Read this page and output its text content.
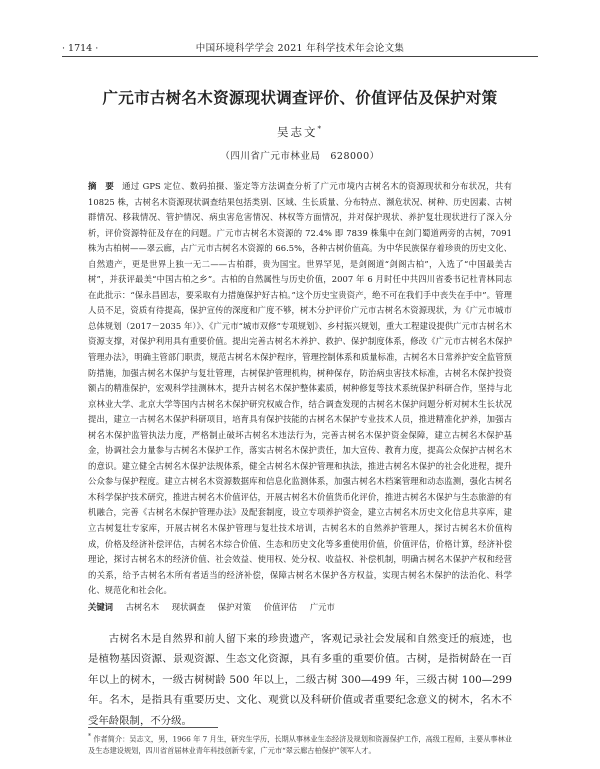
· 1714 ·	中国环境科学学会 2021 年科学技术年会论文集
广元市古树名木资源现状调查评价、价值评估及保护对策
吴志文*
（四川省广元市林业局　628000）
摘　要 通过 GPS 定位、数码拍摄、鉴定等方法调查分析了广元市境内古树名木的资源现状和分布状况，共有 10825 株，古树名木资源现状调查结果包括类别、区域、生长质量、分布特点、濒危状况、树种、历史因素、古树群情况、移栽情况、管护情况、病虫害危害情况、林权等方面情况，并对保护现状、养护复壮现状进行了深入分析，评价资源特征及存在的问题。广元市古树名木资源的 72.4% 即 7839 株集中在剑门蜀道两旁的古树，7091 株为古柏树——翠云廊，占广元市古树名木资源的 66.5%，各种古树价值高。为中华民族保存着珍贵的历史文化、自然遗产，更是世界上独一无二——古柏群，贵为国宝。世界罕见，是剑阁道“剑阁古柏”，入选了“中国最美古树”，并获评最美“中国古柏之乡”。古柏的自然属性与历史价值，2007 年 6 月时任中共四川省委书记杜青林同志在此批示：“保永昌固志，要采取有力措施保护好古柏。”这个历史宝贵资产，绝不可在我们手中丧失在手中”。管理人员不足，资质有待提高，保护宣传的深度和广度不够，树木分护评价广元市古树名木资源现状，为《广元市城市总体规划（2017－2035 年）》、《广元市“城市双修”专项规划》、乡村振兴规划，重大工程建设提供广元市古树名木资源支撑，对保护利用具有重要价值。提出完善古树名木养护、救护、保护制度体系，修改《广元市古树名木保护管理办法》，明确主管部门职责，规范古树名木保护程序，管理控制体系和质量标准，古树名木日常养护安全监管预防措施，加强古树名木保护与复壮管理，古树保护管理机构，树种保存，防治病虫害技术标准，古树名木保护投资额占的精准保护，宏观科学挂测林木，提升古树名木保护整体素质，树种修复等技术系统保护科研合作，坚持与北京林业大学、北京大学等国内古树名木保护研究权威合作，结合调查发现的古树名木保护问题分析对树木生长状况提出，建立一古树名木保护科研项目，培育具有保护技能的古树名木保护专业技术人员，推进精准化护养，加强古树名木保护监管执法力度，严格制止破坏古树名木违法行为，完善古树名木保护资金保障，建立古树名木保护基金，协调社会力量参与古树名木保护工作，落实古树名木保护责任，加大宣传、教育力度，提高公众保护古树名木的意识。建立健全古树名木保护法规体系，健全古树名木保护管理和执法，推进古树名木保护的社会化进程，提升公众参与保护程度。建立古树名木资源数据库和信息化监测体系，加强古树名木档案管理和动态监测，强化古树名木科学保护技术研究，推进古树名木价值评估，开展古树名木价值货币化评价，推进古树名木保护与生态旅游的有机融合，完善《古树名木保护管理办法》及配套制度，设立专项养护资金，建立古树名木历史文化信息共享库，建立古树复壮专家库，开展古树名木保护管理与复壮技术培训，古树名木的自然养护管理人，探讨古树名木价值构成，价格及经济补偿评估，古树名木综合价值、生态和历史文化等多重使用价值，价值评估，价格计算，经济补偿理论，探讨古树名木的经济价值、社会效益、使用权、处分权、收益权、补偿机制，明确古树名木保护产权和经营的关系，给予古树名木所有者适当的经济补偿，保障古树名木保护各方权益，实现古树名木保护的法治化、科学化、规范化和社会化。
关键词 古树名木 现状调查 保护对策 价值评估 广元市
古树名木是自然界和前人留下来的珍贵遗产，客观记录社会发展和自然变迁的痕迹，也是植物基因资源、景观资源、生态文化资源，具有多重的重要价值。古树，是指树龄在一百年以上的树木，一级古树树龄 500 年以上，二级古树 300—499 年，三级古树 100—299 年。名木，是指具有重要历史、文化、观赏以及科研价值或者重要纪念意义的树木，名木不受年龄限制，不分级。
* 作者简介：吴志文，男，1966 年 7 月生，研究生学历，长期从事林业生态经济及规划和资源保护工作，高级工程师，主要从事林业及生态建设规划，四川省首届林业青年科技创新专家，广元市“翠云廊古柏保护”领军人才。
